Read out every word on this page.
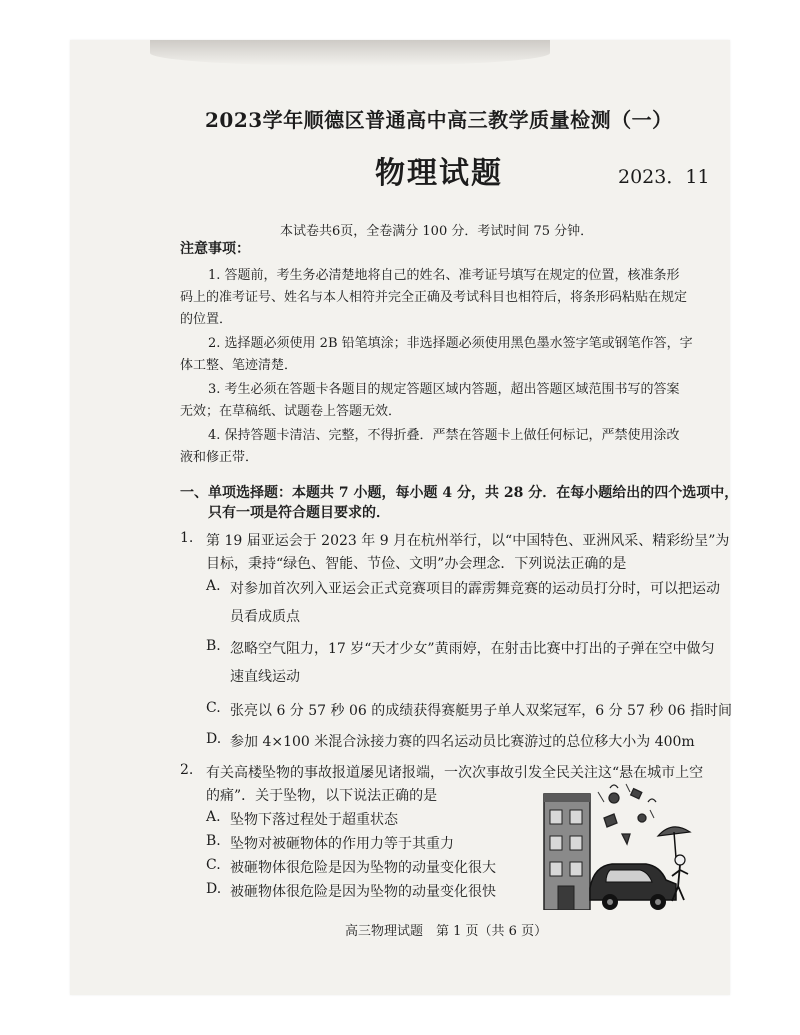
2023学年顺德区普通高中高三教学质量检测（一）
物理试题	2023．11
本试卷共6页，全卷满分 100 分．考试时间 75 分钟．
注意事项：
1. 答题前，考生务必清楚地将自己的姓名、准考证号填写在规定的位置，核准条形
码上的准考证号、姓名与本人相符并完全正确及考试科目也相符后，将条形码粘贴在规定
的位置．
2. 选择题必须使用 2B 铅笔填涂；非选择题必须使用黑色墨水签字笔或钢笔作答，字
体工整、笔迹清楚．
3. 考生必须在答题卡各题目的规定答题区域内答题，超出答题区域范围书写的答案
无效；在草稿纸、试题卷上答题无效．
4. 保持答题卡清洁、完整，不得折叠．严禁在答题卡上做任何标记，严禁使用涂改
液和修正带．
一、单项选择题：本题共 7 小题，每小题 4 分，共 28 分．在每小题给出的四个选项中，
只有一项是符合题目要求的．
1. 第 19 届亚运会于 2023 年 9 月在杭州举行，以“中国特色、亚洲风采、精彩纷呈”为
目标，秉持“绿色、智能、节俭、文明”办会理念．下列说法正确的是
A. 对参加首次列入亚运会正式竞赛项目的霹雳舞竞赛的运动员打分时，可以把运动
员看成质点
B. 忽略空气阻力，17 岁“天才少女”黄雨婷，在射击比赛中打出的子弹在空中做匀
速直线运动
C. 张亮以 6 分 57 秒 06 的成绩获得赛艇男子单人双桨冠军，6 分 57 秒 06 指时间
D. 参加 4×100 米混合泳接力赛的四名运动员比赛游过的总位移大小为 400m
2. 有关高楼坠物的事故报道屡见诸报端，一次次事故引发全民关注这“悬在城市上空
的痛”．关于坠物，以下说法正确的是
A. 坠物下落过程处于超重状态
B. 坠物对被砸物体的作用力等于其重力
C. 被砸物体很危险是因为坠物的动量变化很大
D. 被砸物体很危险是因为坠物的动量变化很快
高三物理试题　第 1 页（共 6 页）
